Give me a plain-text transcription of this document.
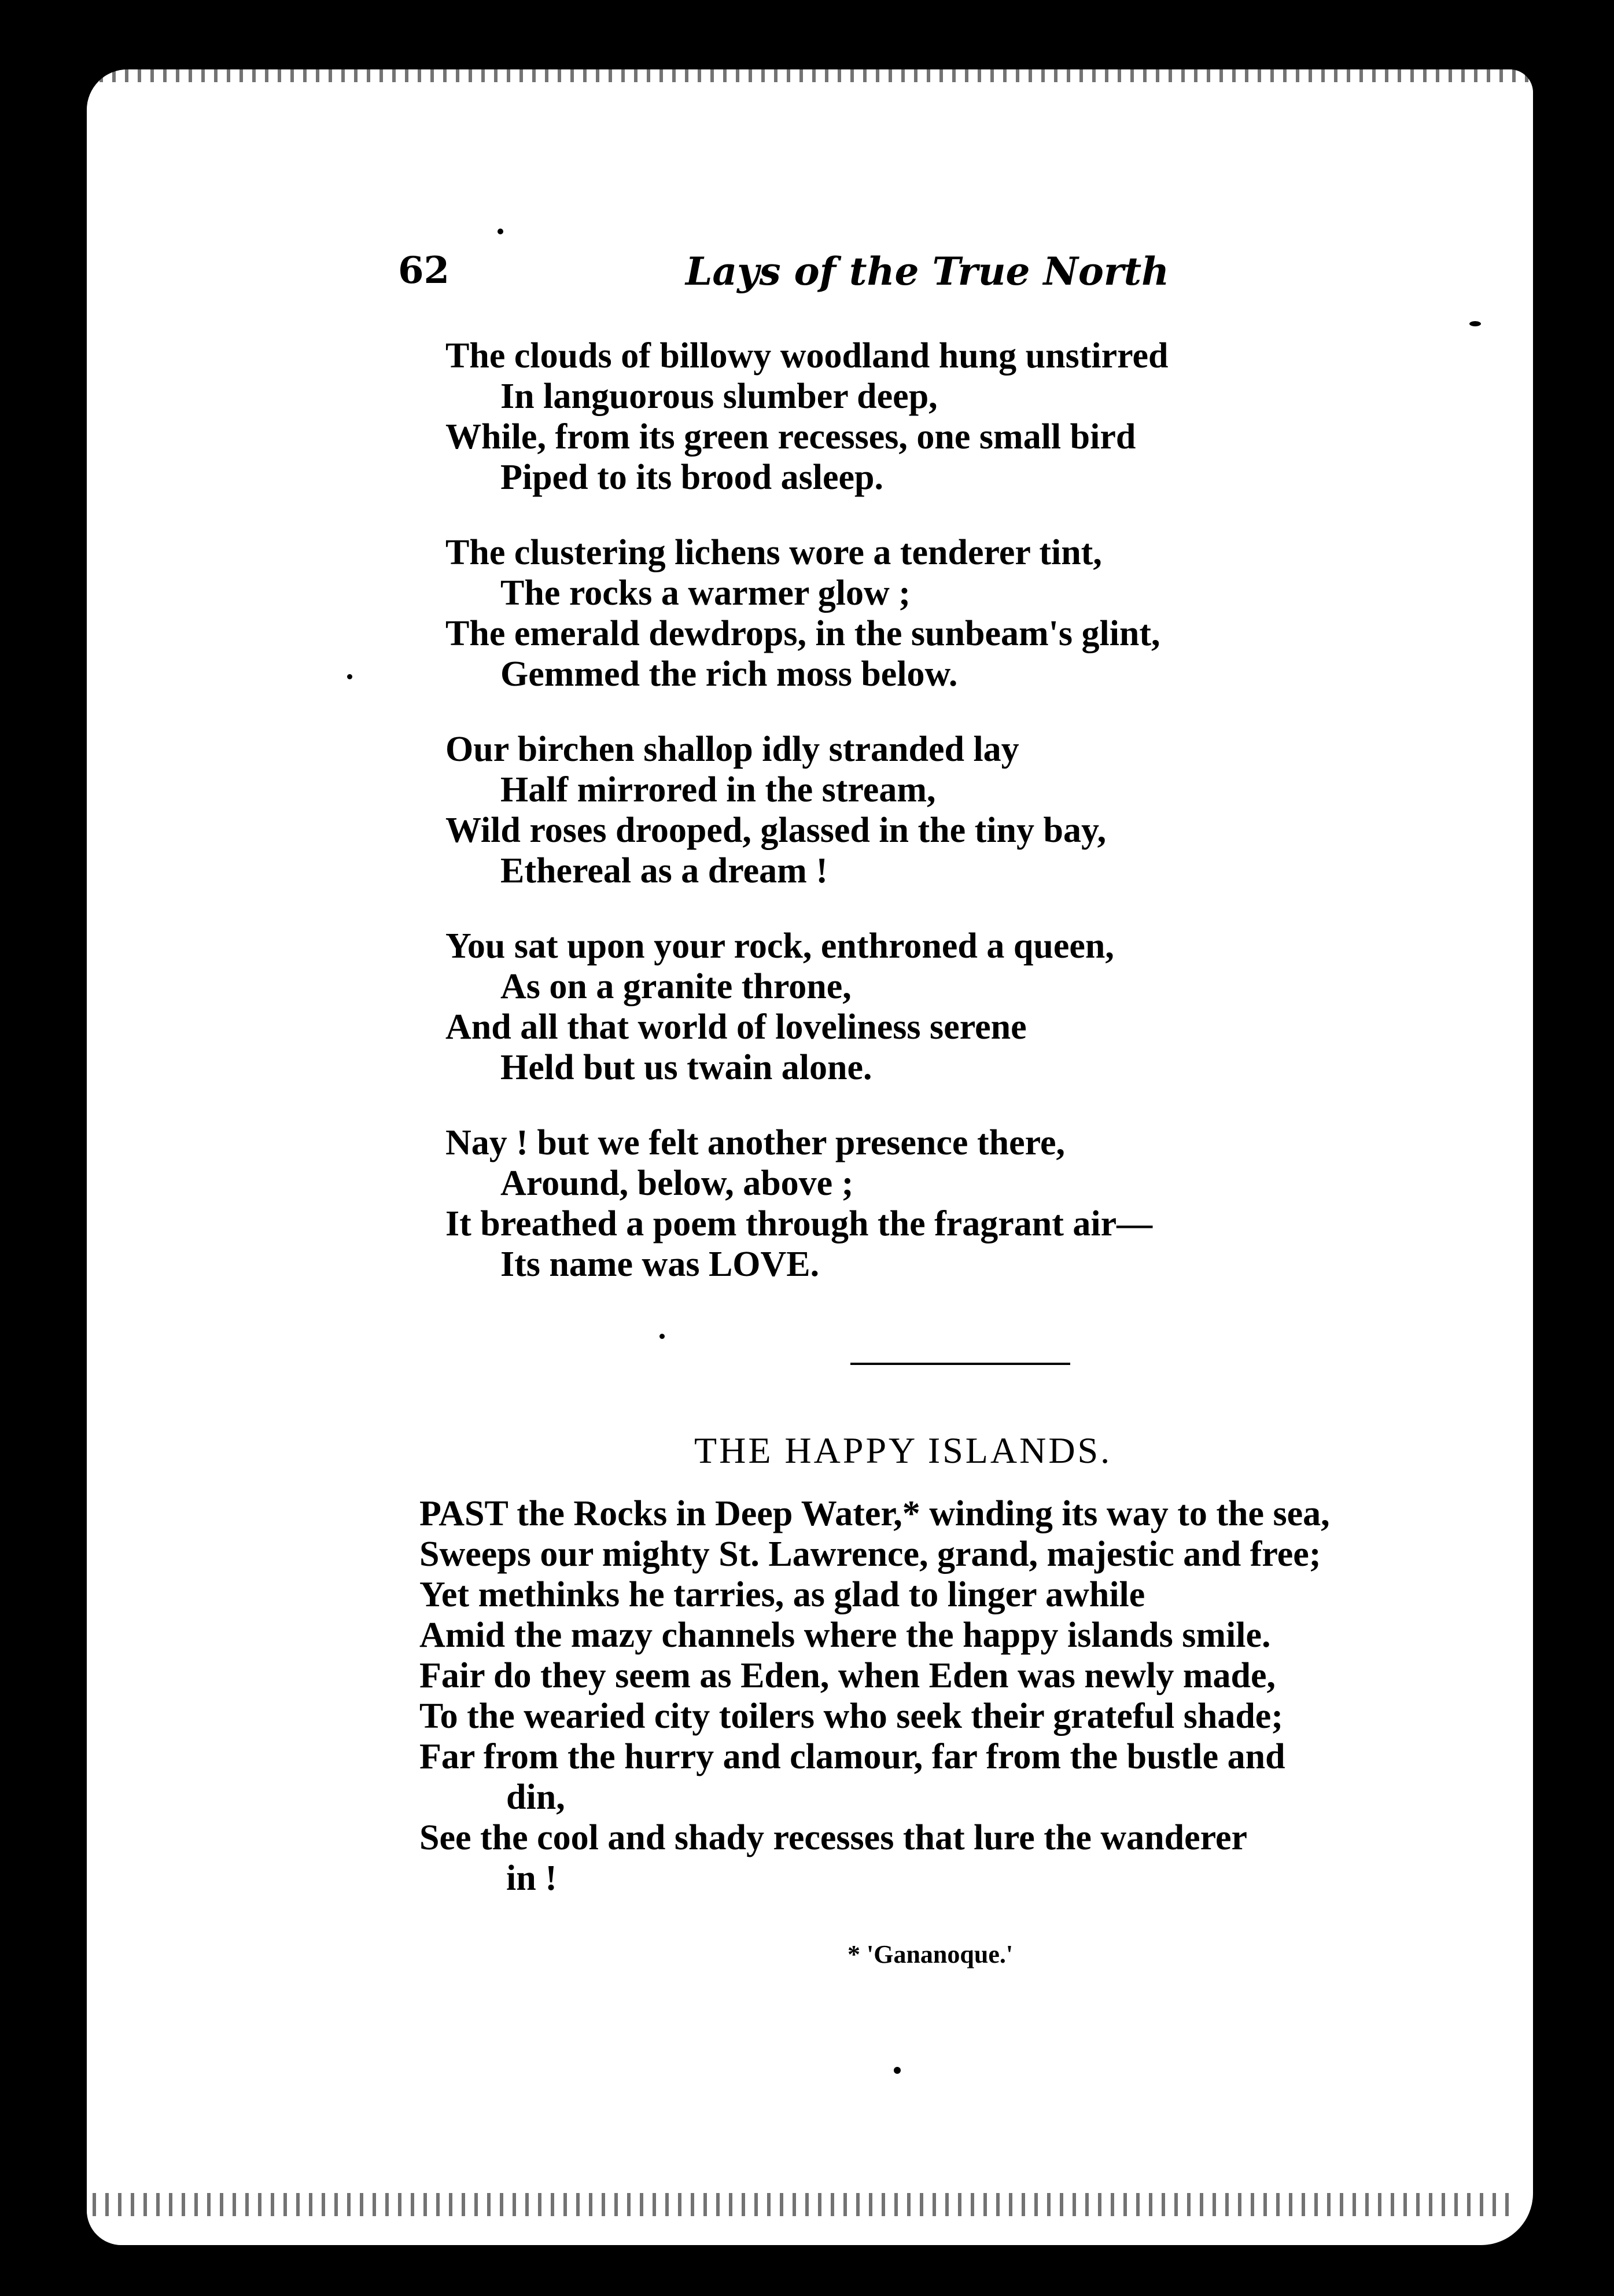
62	Lays of the True North
The clouds of billowy woodland hung unstirred
In languorous slumber deep,
While, from its green recesses, one small bird
Piped to its brood asleep.
The clustering lichens wore a tenderer tint,
The rocks a warmer glow ;
The emerald dewdrops, in the sunbeam's glint,
Gemmed the rich moss below.
Our birchen shallop idly stranded lay
Half mirrored in the stream,
Wild roses drooped, glassed in the tiny bay,
Ethereal as a dream !
You sat upon your rock, enthroned a queen,
As on a granite throne,
And all that world of loveliness serene
Held but us twain alone.
Nay ! but we felt another presence there,
Around, below, above ;
It breathed a poem through the fragrant air—
Its name was LOVE.
THE HAPPY ISLANDS.
PAST the Rocks in Deep Water,* winding its way to the sea,
Sweeps our mighty St. Lawrence, grand, majestic and free;
Yet methinks he tarries, as glad to linger awhile
Amid the mazy channels where the happy islands smile.
Fair do they seem as Eden, when Eden was newly made,
To the wearied city toilers who seek their grateful shade;
Far from the hurry and clamour, far from the bustle and
din,
See the cool and shady recesses that lure the wanderer
in !
* 'Gananoque.'
